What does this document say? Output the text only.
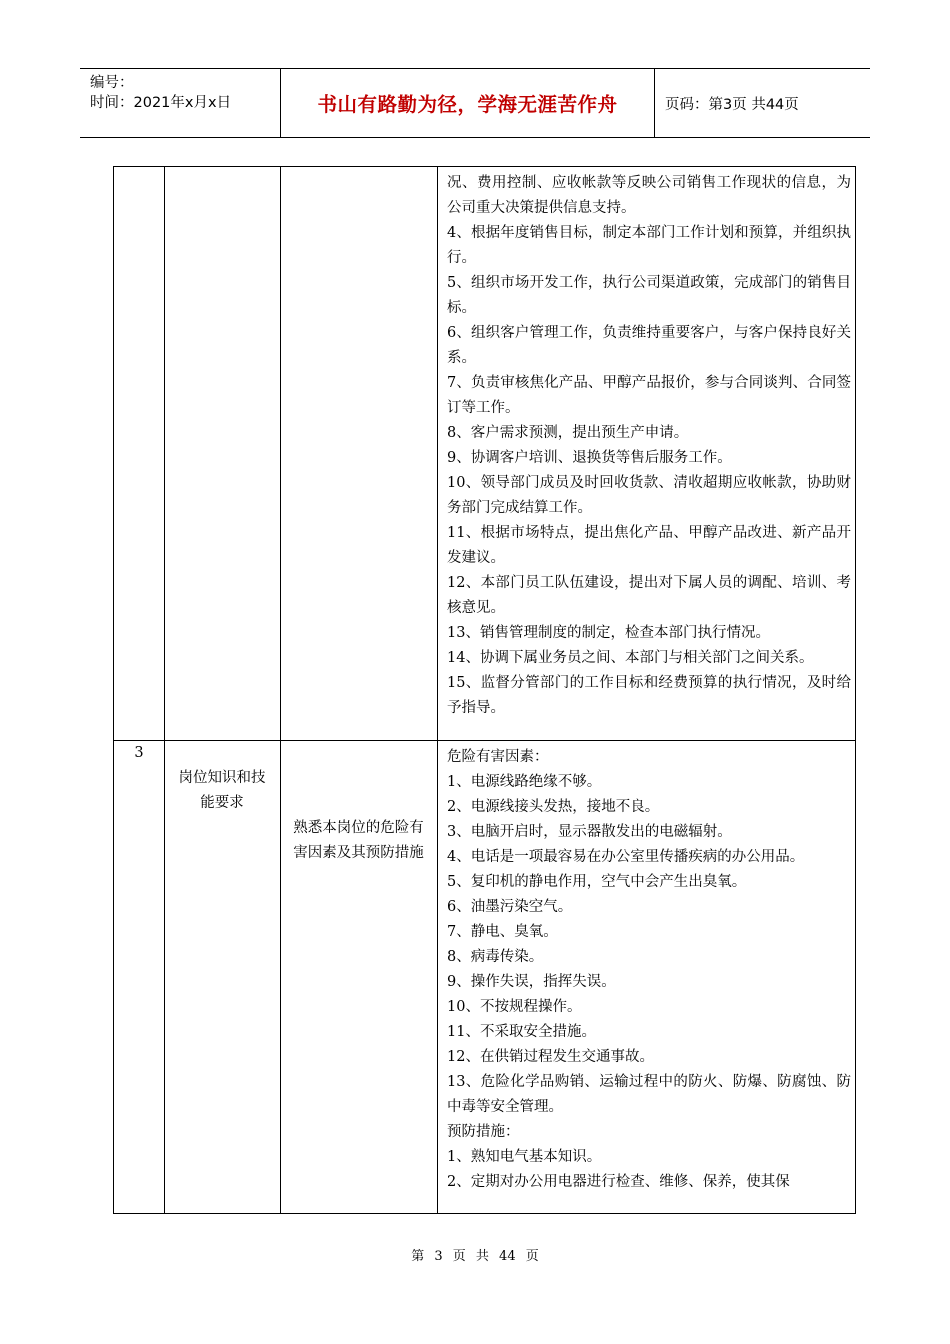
编号：
时间：2021年x月x日	书山有路勤为径，学海无涯苦作舟	页码：第3页 共44页

况、费用控制、应收帐款等反映公司销售工作现状的信息，为公司重大决策提供信息支持。

4、根据年度销售目标，制定本部门工作计划和预算，并组织执行。

5、组织市场开发工作，执行公司渠道政策，完成部门的销售目标。

6、组织客户管理工作，负责维持重要客户，与客户保持良好关系。

7、负责审核焦化产品、甲醇产品报价，参与合同谈判、合同签订等工作。

8、客户需求预测，提出预生产申请。

9、协调客户培训、退换货等售后服务工作。

10、领导部门成员及时回收货款、清收超期应收帐款，协助财务部门完成结算工作。

11、根据市场特点，提出焦化产品、甲醇产品改进、新产品开发建议。

12、本部门员工队伍建设，提出对下属人员的调配、培训、考核意见。

13、销售管理制度的制定，检查本部门执行情况。

14、协调下属业务员之间、本部门与相关部门之间关系。

15、监督分管部门的工作目标和经费预算的执行情况，及时给予指导。

3
岗位知识和技能要求
熟悉本岗位的危险有害因素及其预防措施

危险有害因素：

1、电源线路绝缘不够。

2、电源线接头发热，接地不良。

3、电脑开启时，显示器散发出的电磁辐射。

4、电话是一项最容易在办公室里传播疾病的办公用品。

5、复印机的静电作用，空气中会产生出臭氧。

6、油墨污染空气。

7、静电、臭氧。

8、病毒传染。

9、操作失误，指挥失误。

10、不按规程操作。

11、不采取安全措施。

12、在供销过程发生交通事故。

13、危险化学品购销、运输过程中的防火、防爆、防腐蚀、防中毒等安全管理。

预防措施：

1、熟知电气基本知识。

2、定期对办公用电器进行检查、维修、保养，使其保

第 3 页 共 44 页
